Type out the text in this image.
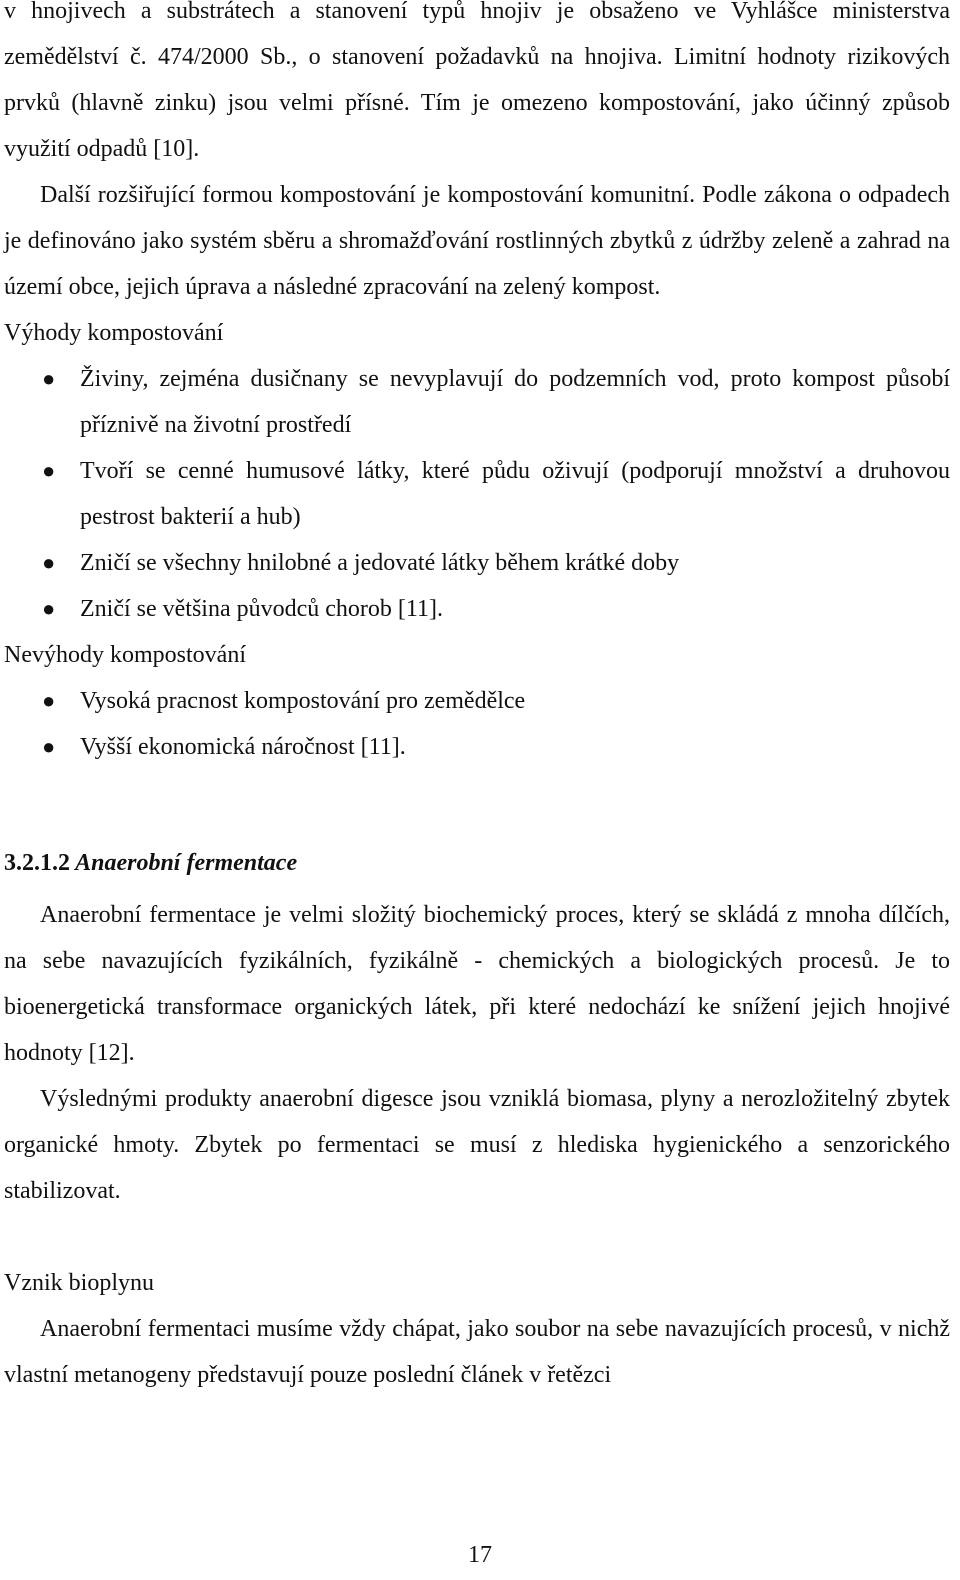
v hnojivech a substrátech a stanovení typů hnojiv je obsaženo ve Vyhlášce ministerstva zemědělství č. 474/2000 Sb., o stanovení požadavků na hnojiva. Limitní hodnoty rizikových prvků (hlavně zinku) jsou velmi přísné. Tím je omezeno kompostování, jako účinný způsob využití odpadů [10].

Další rozšiřující formou kompostování je kompostování komunitní. Podle zákona o odpadech je definováno jako systém sběru a shromažďování rostlinných zbytků z údržby zeleně a zahrad na území obce, jejich úprava a následné zpracování na zelený kompost.

Výhody kompostování

● Živiny, zejména dusičnany se nevyplavují do podzemních vod, proto kompost působí příznivě na životní prostředí
● Tvoří se cenné humusové látky, které půdu oživují (podporují množství a druhovou pestrost bakterií a hub)
● Zničí se všechny hnilobné a jedovaté látky během krátké doby
● Zničí se většina původců chorob [11].

Nevýhody kompostování

● Vysoká pracnost kompostování pro zemědělce
● Vyšší ekonomická náročnost [11].

3.2.1.2 Anaerobní fermentace

Anaerobní fermentace je velmi složitý biochemický proces, který se skládá z mnoha dílčích, na sebe navazujících fyzikálních, fyzikálně - chemických a biologických procesů. Je to bioenergetická transformace organických látek, při které nedochází ke snížení jejich hnojivé hodnoty [12].

Výslednými produkty anaerobní digesce jsou vzniklá biomasa, plyny a nerozložitelný zbytek organické hmoty. Zbytek po fermentaci se musí z hlediska hygienického a senzorického stabilizovat.

Vznik bioplynu

Anaerobní fermentaci musíme vždy chápat, jako soubor na sebe navazujících procesů, v nichž vlastní metanogeny představují pouze poslední článek v řetězci

17
